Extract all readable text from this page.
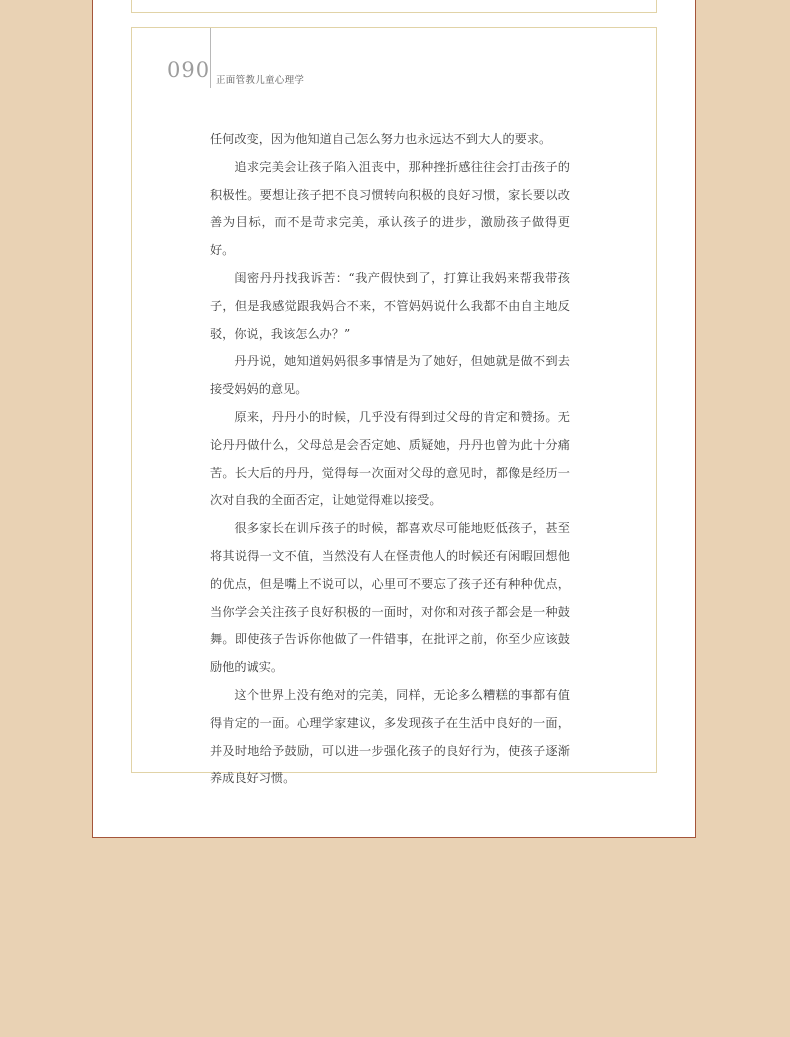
090 正面管教儿童心理学

任何改变，因为他知道自己怎么努力也永远达不到大人的要求。

追求完美会让孩子陷入沮丧中，那种挫折感往往会打击孩子的积极性。要想让孩子把不良习惯转向积极的良好习惯，家长要以改善为目标，而不是苛求完美，承认孩子的进步，激励孩子做得更好。

闺密丹丹找我诉苦：“我产假快到了，打算让我妈来帮我带孩子，但是我感觉跟我妈合不来，不管妈妈说什么我都不由自主地反驳，你说，我该怎么办？”

丹丹说，她知道妈妈很多事情是为了她好，但她就是做不到去接受妈妈的意见。

原来，丹丹小的时候，几乎没有得到过父母的肯定和赞扬。无论丹丹做什么，父母总是会否定她、质疑她，丹丹也曾为此十分痛苦。长大后的丹丹，觉得每一次面对父母的意见时，都像是经历一次对自我的全面否定，让她觉得难以接受。

很多家长在训斥孩子的时候，都喜欢尽可能地贬低孩子，甚至将其说得一文不值，当然没有人在怪责他人的时候还有闲暇回想他的优点，但是嘴上不说可以，心里可不要忘了孩子还有种种优点，当你学会关注孩子良好积极的一面时，对你和对孩子都会是一种鼓舞。即使孩子告诉你他做了一件错事，在批评之前，你至少应该鼓励他的诚实。

这个世界上没有绝对的完美，同样，无论多么糟糕的事都有值得肯定的一面。心理学家建议，多发现孩子在生活中良好的一面，并及时地给予鼓励，可以进一步强化孩子的良好行为，使孩子逐渐养成良好习惯。
